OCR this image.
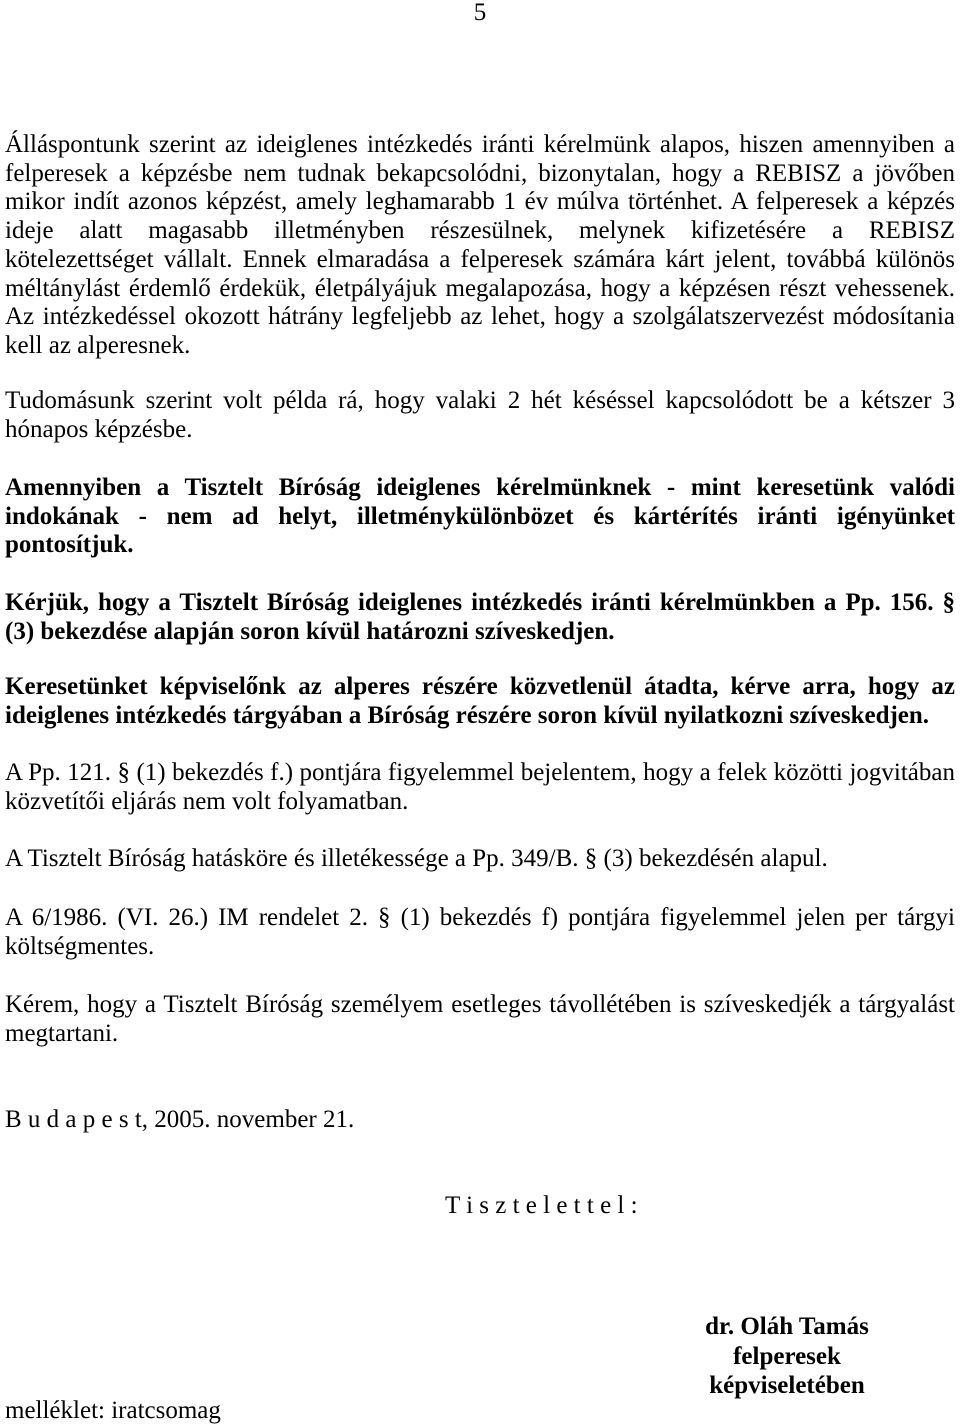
5
Álláspontunk szerint az ideiglenes intézkedés iránti kérelmünk alapos, hiszen amennyiben a
felperesek a képzésbe nem tudnak bekapcsolódni, bizonytalan, hogy a REBISZ a jövőben
mikor indít azonos képzést, amely leghamarabb 1 év múlva történhet. A felperesek a képzés
ideje alatt magasabb illetményben részesülnek, melynek kifizetésére a REBISZ
kötelezettséget vállalt. Ennek elmaradása a felperesek számára kárt jelent, továbbá különös
méltánylást érdemlő érdekük, életpályájuk megalapozása, hogy a képzésen részt vehessenek.
Az intézkedéssel okozott hátrány legfeljebb az lehet, hogy a szolgálatszervezést módosítania
kell az alperesnek.
Tudomásunk szerint volt példa rá, hogy valaki 2 hét késéssel kapcsolódott be a kétszer 3
hónapos képzésbe.
Amennyiben a Tisztelt Bíróság ideiglenes kérelmünknek - mint keresetünk valódi
indokának - nem ad helyt, illetménykülönbözet és kártérítés iránti igényünket
pontosítjuk.
Kérjük, hogy a Tisztelt Bíróság ideiglenes intézkedés iránti kérelmünkben a Pp. 156. §
(3) bekezdése alapján soron kívül határozni szíveskedjen.
Keresetünket képviselőnk az alperes részére közvetlenül átadta, kérve arra, hogy az
ideiglenes intézkedés tárgyában a Bíróság részére soron kívül nyilatkozni szíveskedjen.
A Pp. 121. § (1) bekezdés f.) pontjára figyelemmel bejelentem, hogy a felek közötti jogvitában
közvetítői eljárás nem volt folyamatban.
A Tisztelt Bíróság hatásköre és illetékessége a Pp. 349/B. § (3) bekezdésén alapul.
A 6/1986. (VI. 26.) IM rendelet 2. § (1) bekezdés f) pontjára figyelemmel jelen per tárgyi
költségmentes.
Kérem, hogy a Tisztelt Bíróság személyem esetleges távollétében is szíveskedjék a tárgyalást
megtartani.
B u d a p e s t, 2005. november 21.
T i s z t e l e t t e l :
dr. Oláh Tamás
felperesek
képviseletében
melléklet: iratcsomag
